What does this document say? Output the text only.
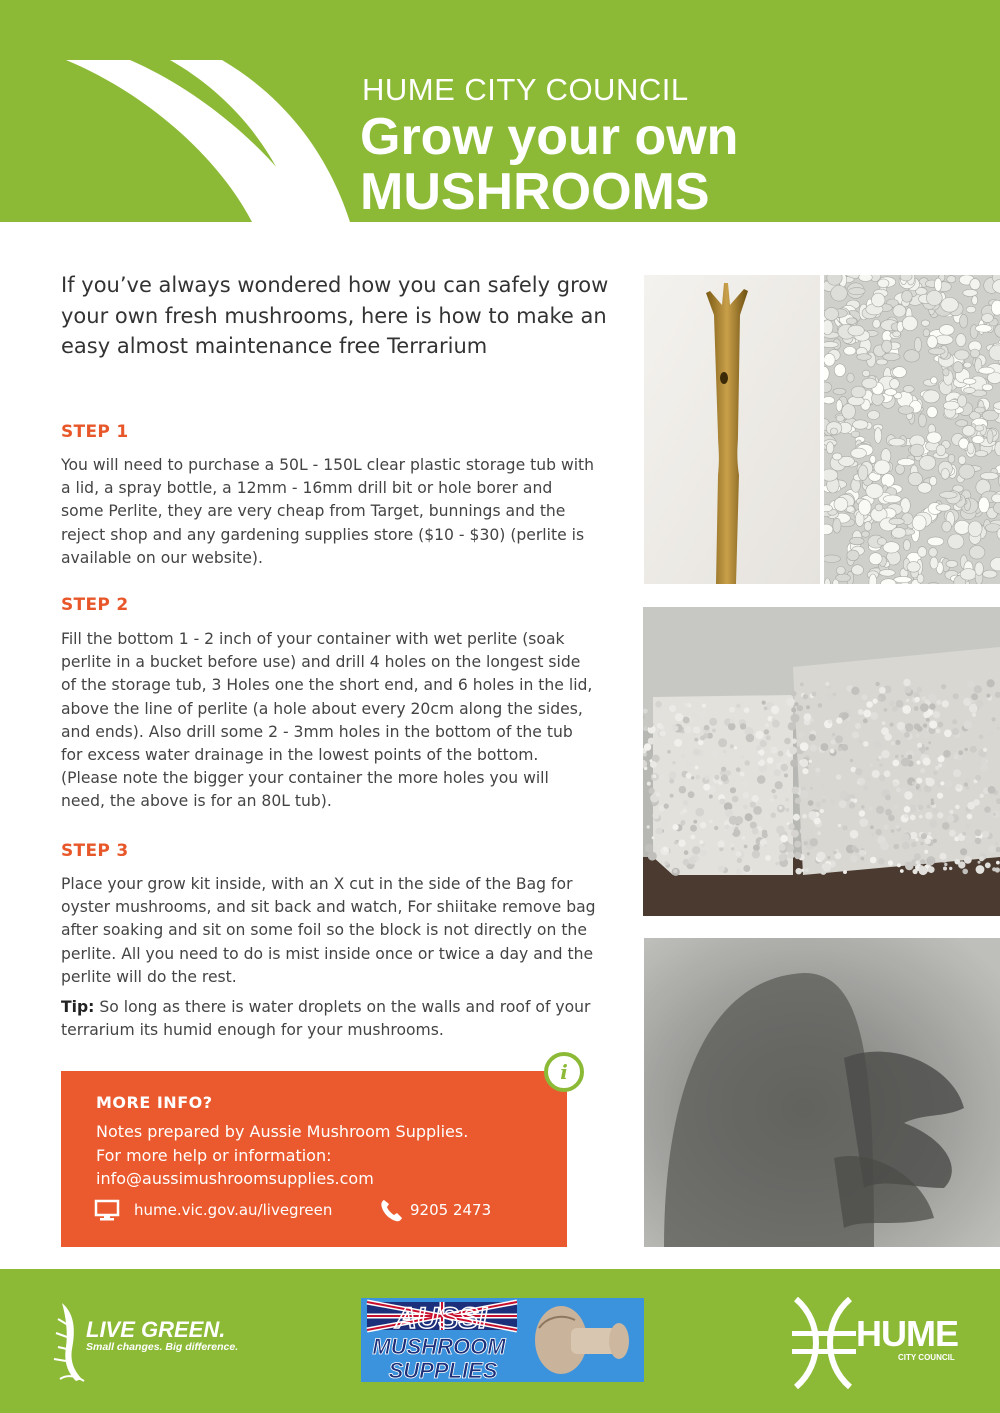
HUME CITY COUNCIL
Grow your own
MUSHROOMS
If you’ve always wondered how you can safely grow your own fresh mushrooms, here is how to make an easy almost maintenance free Terrarium
STEP 1
You will need to purchase a 50L - 150L clear plastic storage tub with a lid, a spray bottle, a 12mm - 16mm drill bit or hole borer and some Perlite, they are very cheap from Target, bunnings and the reject shop and any gardening supplies store ($10 - $30) (perlite is available on our website).
STEP 2
Fill the bottom 1 - 2 inch of your container with wet perlite (soak perlite in a bucket before use) and drill 4 holes on the longest side of the storage tub, 3 Holes one the short end, and 6 holes in the lid, above the line of perlite (a hole about every 20cm along the sides, and ends). Also drill some 2 - 3mm holes in the bottom of the tub for excess water drainage in the lowest points of the bottom. (Please note the bigger your container the more holes you will need, the above is for an 80L tub).
STEP 3
Place your grow kit inside, with an X cut in the side of the Bag for oyster mushrooms, and sit back and watch, For shiitake remove bag after soaking and sit on some foil so the block is not directly on the perlite. All you need to do is mist inside once or twice a day and the perlite will do the rest.
Tip: So long as there is water droplets on the walls and roof of your terrarium its humid enough for your mushrooms.
MORE INFO?
Notes prepared by Aussie Mushroom Supplies.
For more help or information:
info@aussimushroomsupplies.com
hume.vic.gov.au/livegreen	9205 2473
i
LIVE GREEN.
Small changes. Big difference.
AUSSI
MUSHROOM
SUPPLIES
HUME
CITY COUNCIL
